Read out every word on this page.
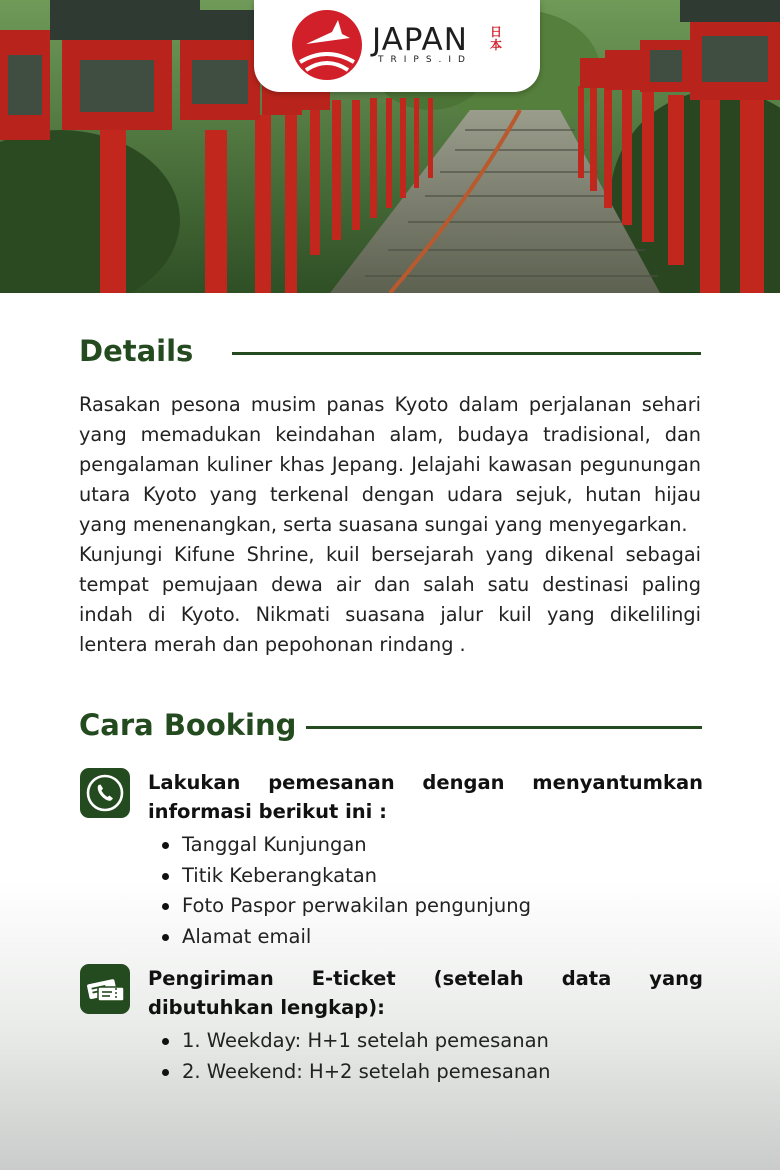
JAPAN 日本
TRIPS.ID
Details

Rasakan pesona musim panas Kyoto dalam perjalanan sehari yang memadukan keindahan alam, budaya tradisional, dan pengalaman kuliner khas Jepang. Jelajahi kawasan pegunungan utara Kyoto yang terkenal dengan udara sejuk, hutan hijau yang menenangkan, serta suasana sungai yang menyegarkan.

Kunjungi Kifune Shrine, kuil bersejarah yang dikenal sebagai tempat pemujaan dewa air dan salah satu destinasi paling indah di Kyoto. Nikmati suasana jalur kuil yang dikelilingi lentera merah dan pepohonan rindang .

Cara Booking

Lakukan pemesanan dengan menyantumkan informasi berikut ini :

Tanggal Kunjungan
Titik Keberangkatan
Foto Paspor perwakilan pengunjung
Alamat email

Pengiriman E-ticket (setelah data yang dibutuhkan lengkap):

1. Weekday: H+1 setelah pemesanan
2. Weekend: H+2 setelah pemesanan
